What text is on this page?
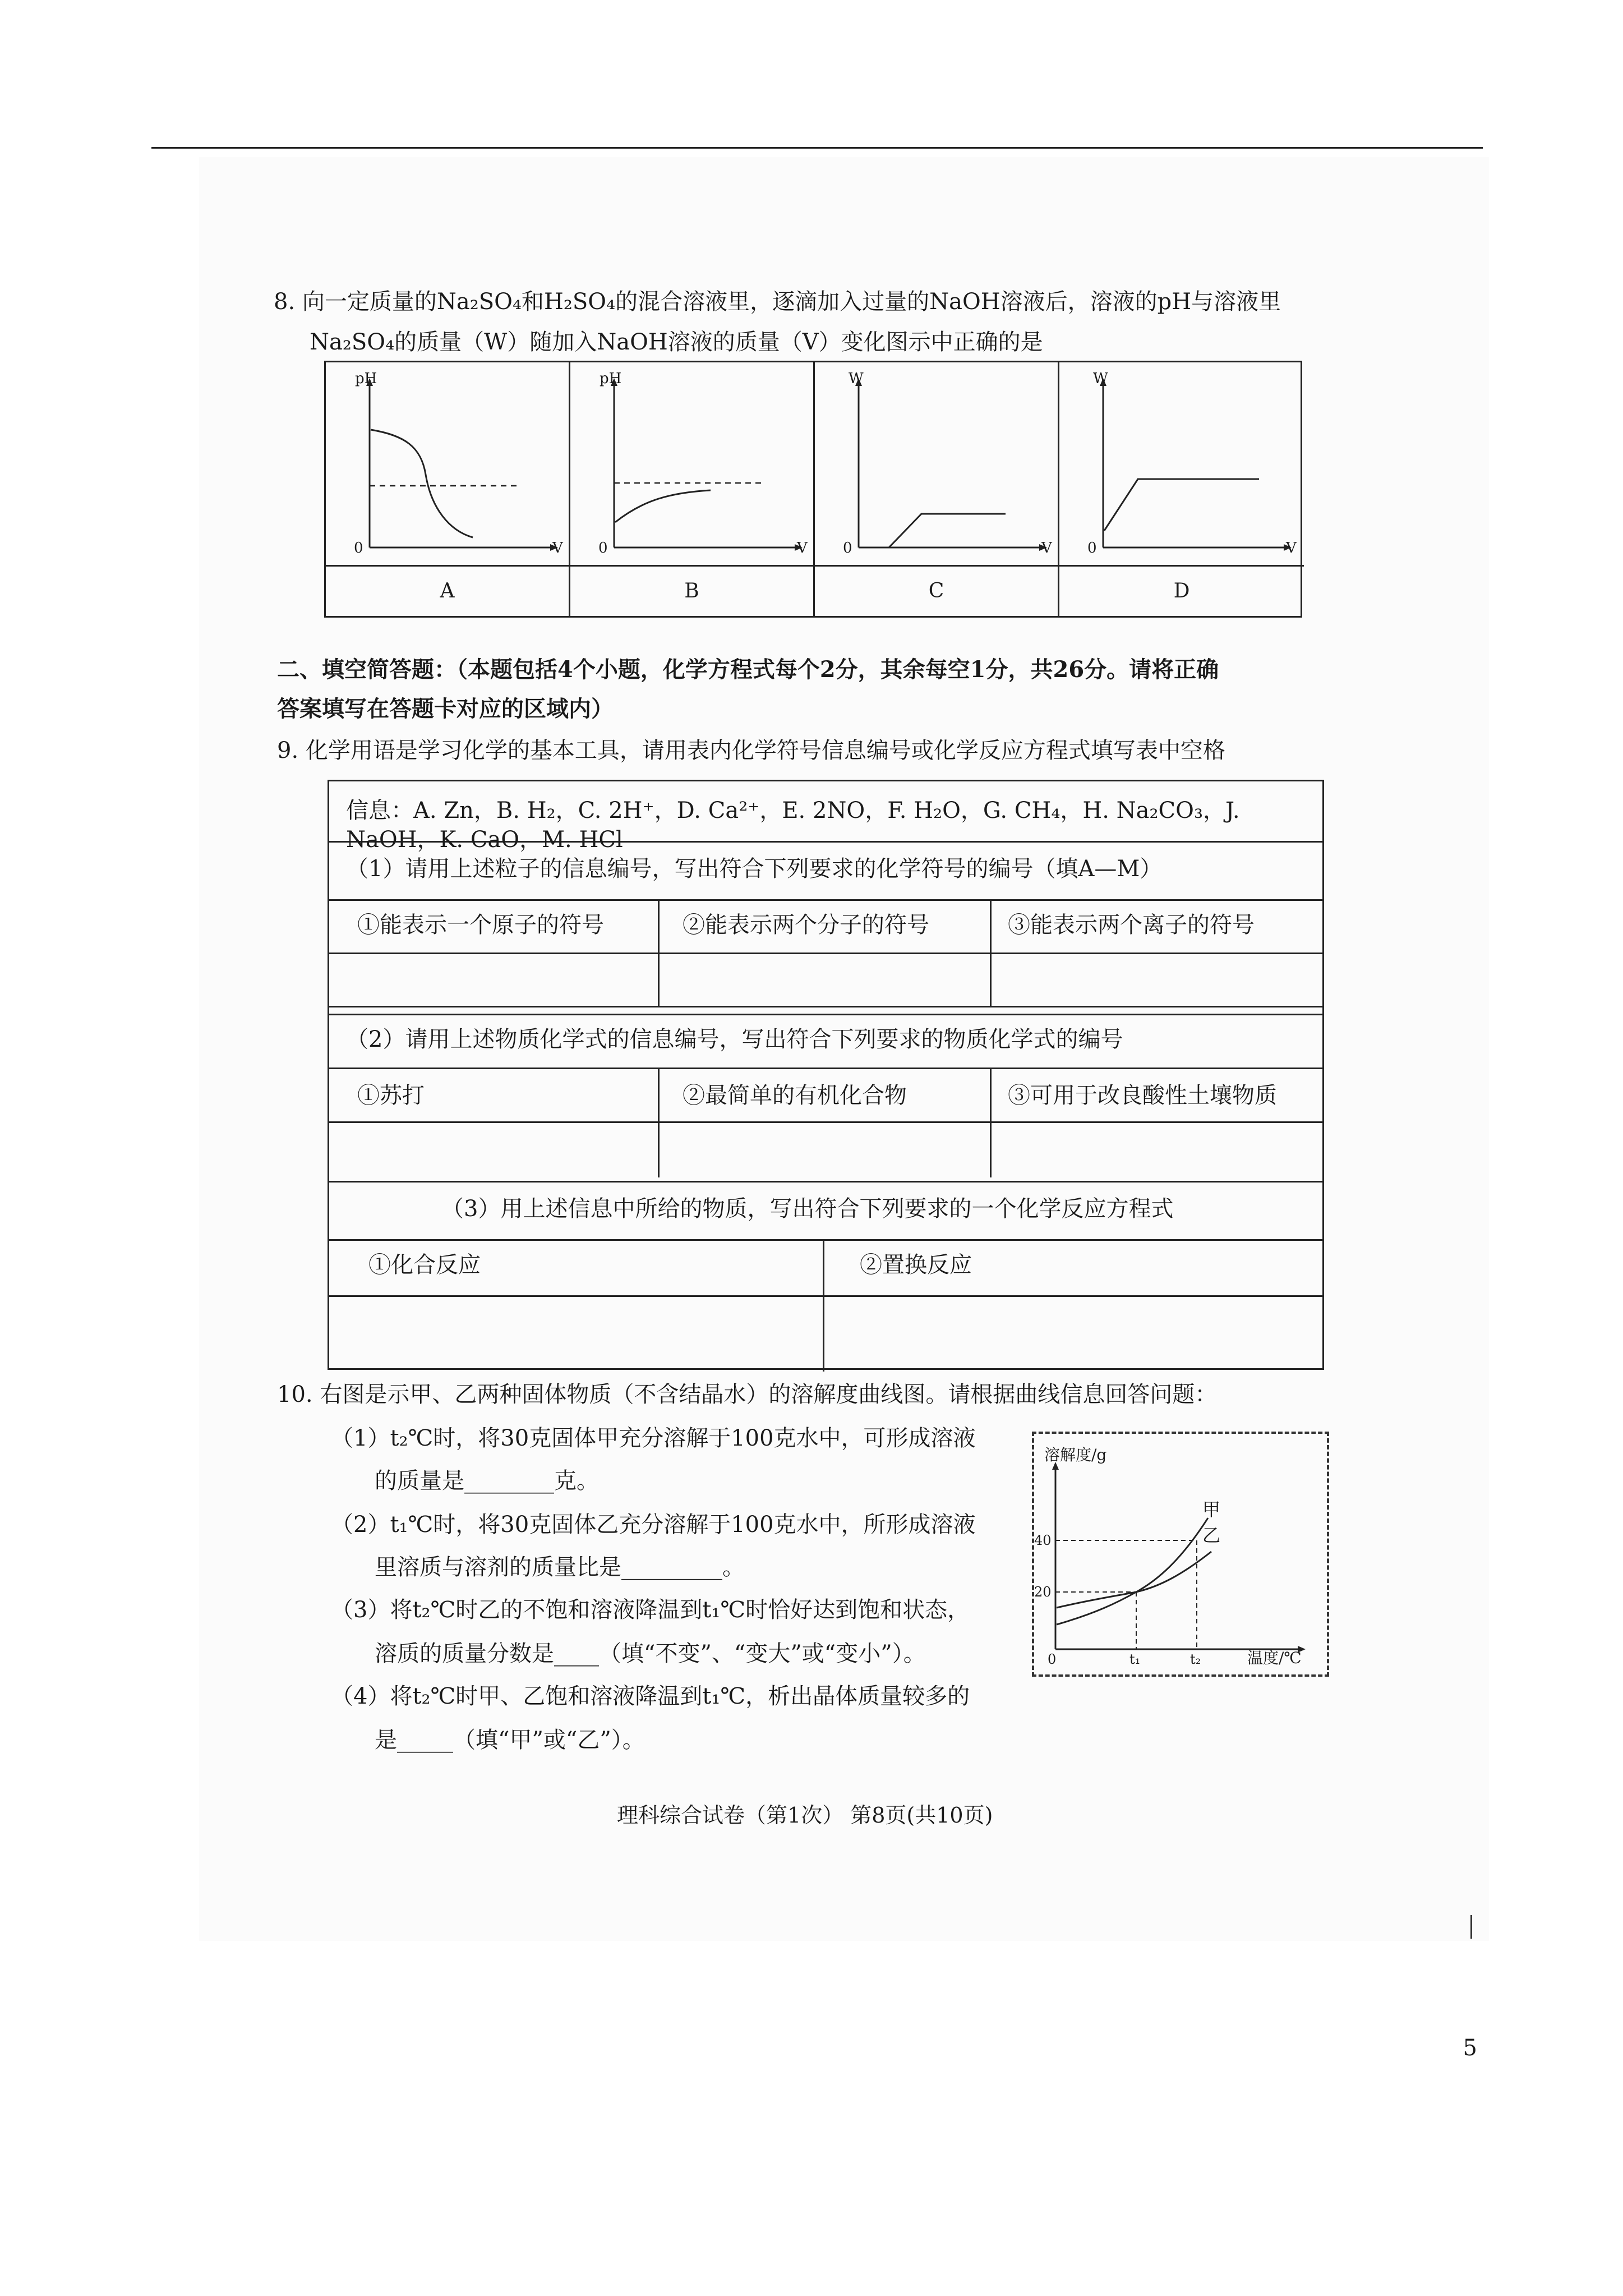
8. 向一定质量的Na₂SO₄和H₂SO₄的混合溶液里，逐滴加入过量的NaOH溶液后，溶液的pH与溶液里
Na₂SO₄的质量（W）随加入NaOH溶液的质量（V）变化图示中正确的是
pH
V
0
A
pH
V
0
B
W
V
0
C
W
V
0
D
二、填空简答题：（本题包括4个小题，化学方程式每个2分，其余每空1分，共26分。请将正确
答案填写在答题卡对应的区域内）
9. 化学用语是学习化学的基本工具，请用表内化学符号信息编号或化学反应方程式填写表中空格
信息：A. Zn，B. H₂，C. 2H⁺，D. Ca²⁺，E. 2NO，F. H₂O，G. CH₄，H. Na₂CO₃，J. NaOH，K. CaO，M. HCl
（1）请用上述粒子的信息编号，写出符合下列要求的化学符号的编号（填A—M）
①能表示一个原子的符号	②能表示两个分子的符号	③能表示两个离子的符号
（2）请用上述物质化学式的信息编号，写出符合下列要求的物质化学式的编号
①苏打	②最简单的有机化合物	③可用于改良酸性土壤物质
（3）用上述信息中所给的物质，写出符合下列要求的一个化学反应方程式
①化合反应	②置换反应
10. 右图是示甲、乙两种固体物质（不含结晶水）的溶解度曲线图。请根据曲线信息回答问题：
（1）t₂℃时，将30克固体甲充分溶解于100克水中，可形成溶液
的质量是________克。
（2）t₁℃时，将30克固体乙充分溶解于100克水中，所形成溶液
里溶质与溶剂的质量比是_________。
（3）将t₂℃时乙的不饱和溶液降温到t₁℃时恰好达到饱和状态，
溶质的质量分数是____（填“不变”、“变大”或“变小”）。
（4）将t₂℃时甲、乙饱和溶液降温到t₁℃，析出晶体质量较多的
是_____（填“甲”或“乙”）。
溶解度/g
40
20
0	t₁	t₂	温度/℃
甲
乙
理科综合试卷（第1次） 第8页(共10页)
5
